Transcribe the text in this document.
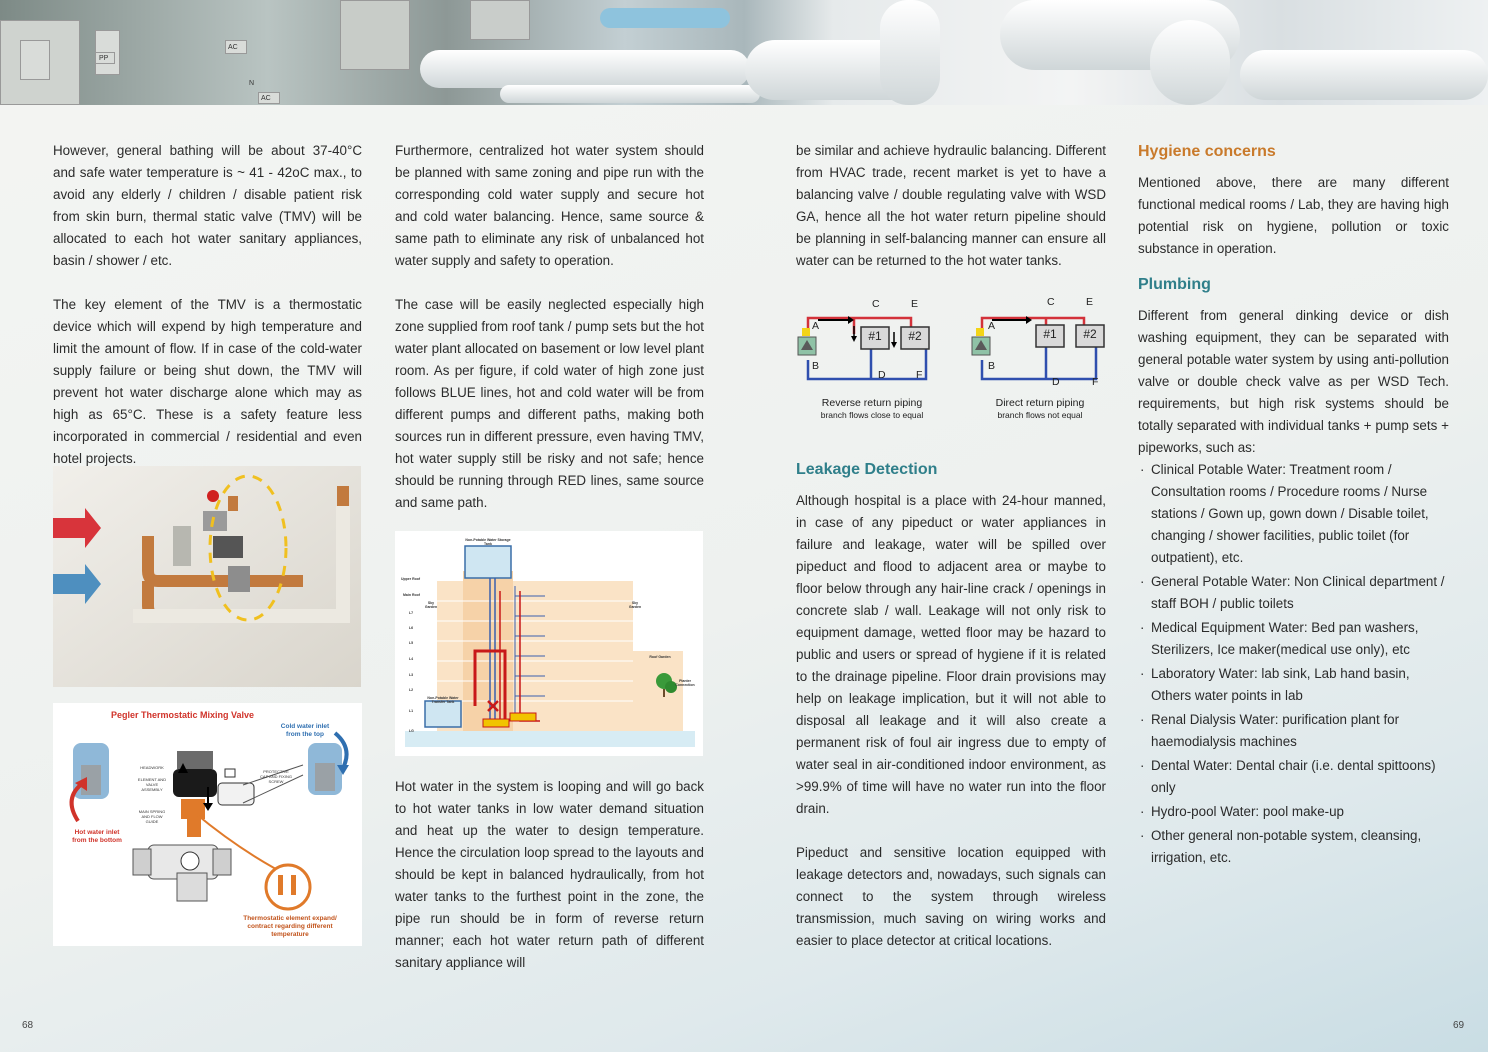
AC
PP
AC
N

However, general bathing will be about 37-40°C and safe water temperature is ~ 41 - 42oC max., to avoid any elderly / children / disable patient risk from skin burn, thermal static valve (TMV) will be allocated to each hot water sanitary appliances, basin / shower / etc.

The key element of the TMV is a thermostatic device which will expend by high temperature and limit the amount of flow. If in case of the cold-water supply failure or being shut down, the TMV will prevent hot water discharge alone which may as high as 65°C. These is a safety feature less incorporated in commercial / residential and even hotel projects.

Pegler Thermostatic Mixing Valve
Cold water inlet from the top
Hot water inlet from the bottom
Thermostatic element expand/ contract regarding different temperature
HEADWORK
ELEMENT AND VALVE ASSEMBLY
MAIN SPRING AND FLOW GUIDE
PROTECTIVE CAP AND FIXING SCREW

Furthermore, centralized hot water system should be planned with same zoning and pipe run with the corresponding cold water supply and secure hot and cold water balancing. Hence, same source & same path to eliminate any risk of unbalanced hot water supply and safety to operation.

The case will be easily neglected especially high zone supplied from roof tank / pump sets but the hot water plant allocated on basement or low level plant room. As per figure, if cold water of high zone just follows BLUE lines, hot and cold water will be from different pumps and different paths, making both sources run in different pressure, even having TMV, hot water supply still be risky and not safe; hence should be running through RED lines, same source and same path.

Non-Potable Water Storage Tank
Non-Potable Water Transfer Tank
Upper Roof
Main Roof
Sky Garden
Sky Garden
Roof Garden
Planter Connection
L7
L6
L5
L4
L3
L2
L1
LG

Hot water in the system is looping and will go back to hot water tanks in low water demand situation and heat up the water to design temperature. Hence the circulation loop spread to the layouts and should be kept in balanced hydraulically, from hot water tanks to the furthest point in the zone, the pipe run should be in form of reverse return manner; each hot water return path of different sanitary appliance will

be similar and achieve hydraulic balancing. Different from HVAC trade, recent market is yet to have a balancing valve / double regulating valve with WSD GA, hence all the hot water return pipeline should be planning in self-balancing manner can ensure all water can be returned to the hot water tanks.

#1	#2	#1	#2
A
B
C
D
E
F
A
B
C
D
E
F
Reverse return piping
branch flows close to equal
Direct return piping
branch flows not equal
Leakage Detection

Although hospital is a place with 24-hour manned, in case of any pipeduct or water appliances in failure and leakage, water will be spilled over pipeduct and flood to adjacent area or maybe to floor below through any hair-line crack / openings in concrete slab / wall. Leakage will not only risk to equipment damage, wetted floor may be hazard to public and users or spread of hygiene if it is related to the drainage pipeline. Floor drain provisions may help on leakage implication, but it will not able to disposal all leakage and it will also create a permanent risk of foul air ingress due to empty of water seal in air-conditioned indoor environment, as >99.9% of time will have no water run into the floor drain.

Pipeduct and sensitive location equipped with leakage detectors and, nowadays, such signals can connect to the system through wireless transmission, much saving on wiring works and easier to place detector at critical locations.

Hygiene concerns

Mentioned above, there are many different functional medical rooms / Lab, they are having high potential risk on hygiene, pollution or toxic substance in operation.

Plumbing

Different from general dinking device or dish washing equipment, they can be separated with general potable water system by using anti-pollution valve or double check valve as per WSD Tech. requirements, but high risk systems should be totally separated with individual tanks + pump sets + pipeworks, such as:

· Clinical Potable Water: Treatment room / Consultation rooms / Procedure rooms / Nurse stations / Gown up, gown down / Disable toilet, changing / shower facilities, public toilet (for outpatient), etc.
· General Potable Water: Non Clinical department / staff BOH / public toilets
· Medical Equipment Water: Bed pan washers, Sterilizers, Ice maker(medical use only), etc
· Laboratory Water: lab sink, Lab hand basin, Others water points in lab
· Renal Dialysis Water: purification plant for haemodialysis machines
· Dental Water: Dental chair (i.e. dental spittoons) only
· Hydro-pool Water: pool make-up
· Other general non-potable system, cleansing, irrigation, etc.
68	69
